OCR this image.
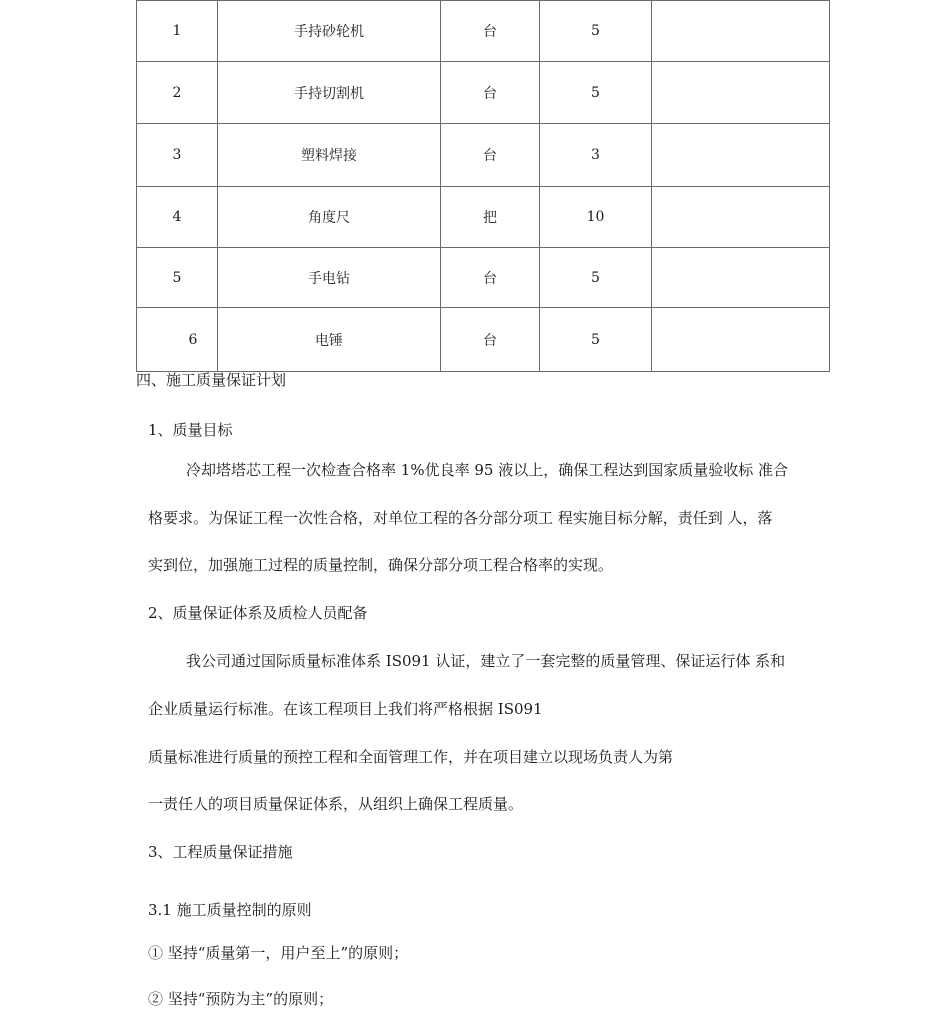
1	手持砂轮机	台	5	
2	手持切割机	台	5	
3	塑料焊接	台	3	
4	角度尺	把	10	

5	手电钻	台	5	

6	电锤	台	5	
四、施工质量保证计划
1、质量目标
冷却塔塔芯工程一次检查合格率 1%优良率 95 液以上，确保工程达到国家质量验收标 准合
格要求。为保证工程一次性合格，对单位工程的各分部分项工 程实施目标分解，责任到 人，落
实到位，加强施工过程的质量控制，确保分部分项工程合格率的实现。
2、质量保证体系及质检人员配备
我公司通过国际质量标准体系 IS091 认证，建立了一套完整的质量管理、保证运行体 系和
企业质量运行标准。在该工程项目上我们将严格根据 IS091
质量标准进行质量的预控工程和全面管理工作，并在项目建立以现场负责人为第
一责任人的项目质量保证体系，从组织上确保工程质量。
3、工程质量保证措施
3.1 施工质量控制的原则
① 坚持“质量第一，用户至上”的原则；
② 坚持“预防为主”的原则；
